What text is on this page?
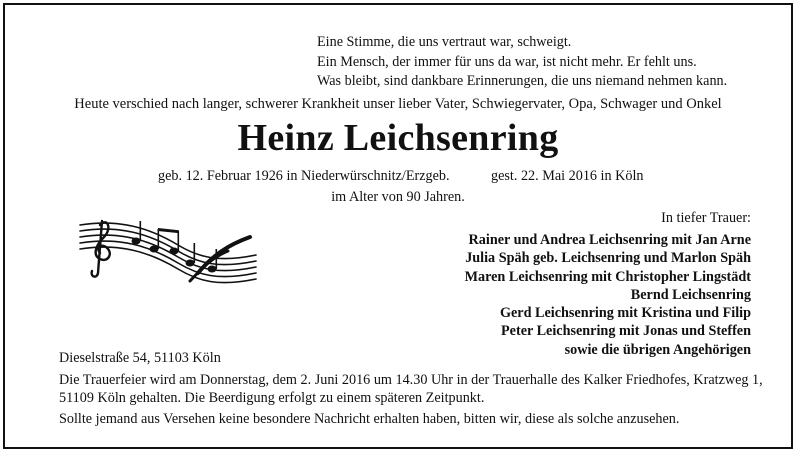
Eine Stimme, die uns vertraut war, schweigt.
Ein Mensch, der immer für uns da war, ist nicht mehr. Er fehlt uns.
Was bleibt, sind dankbare Erinnerungen, die uns niemand nehmen kann.
Heute verschied nach langer, schwerer Krankheit unser lieber Vater, Schwiegervater, Opa, Schwager und Onkel
Heinz Leichsenring
geb. 12. Februar 1926 in Niederwürschnitz/Erzgeb.	gest. 22. Mai 2016 in Köln
im Alter von 90 Jahren.
In tiefer Trauer:
Rainer und Andrea Leichsenring mit Jan Arne
Julia Späh geb. Leichsenring und Marlon Späh
Maren Leichsenring mit Christopher Lingstädt
Bernd Leichsenring
Gerd Leichsenring mit Kristina und Filip
Peter Leichsenring mit Jonas und Steffen
sowie die übrigen Angehörigen
Dieselstraße 54, 51103 Köln
Die Trauerfeier wird am Donnerstag, dem 2. Juni 2016 um 14.30 Uhr in der Trauerhalle des Kalker Friedhofes, Kratzweg 1,
51109 Köln gehalten. Die Beerdigung erfolgt zu einem späteren Zeitpunkt.
Sollte jemand aus Versehen keine besondere Nachricht erhalten haben, bitten wir, diese als solche anzusehen.
